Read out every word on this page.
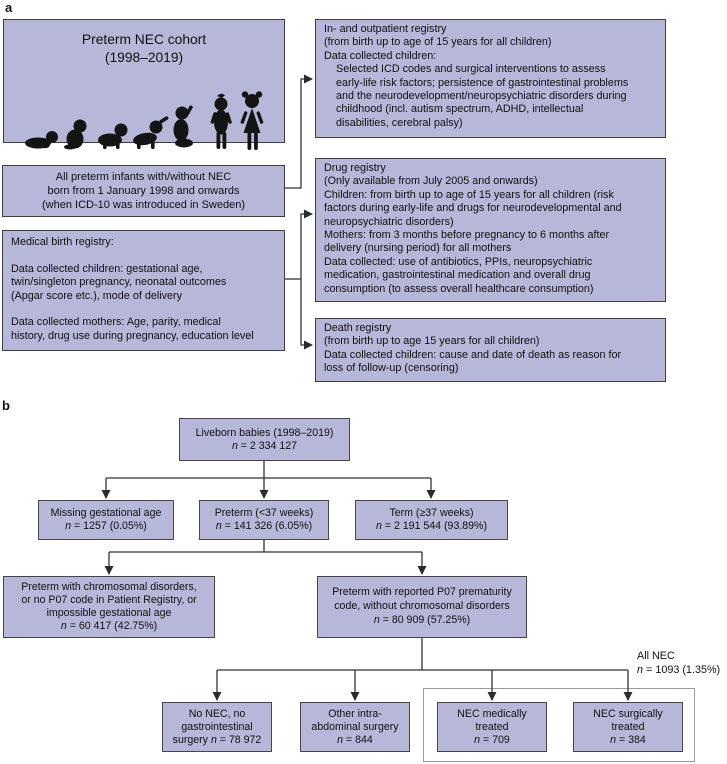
a
Preterm NEC cohort
(1998–2019)
All preterm infants with/without NEC
born from 1 January 1998 and onwards
(when ICD-10 was introduced in Sweden)
Medical birth registry:

Data collected children: gestational age,
twin/singleton pregnancy, neonatal outcomes
(Apgar score etc.), mode of delivery

Data collected mothers: Age, parity, medical
history, drug use during pregnancy, education level
In- and outpatient registry
(from birth up to age of 15 years for all children)
Data collected children:
Selected ICD codes and surgical interventions to assess
early-life risk factors; persistence of gastrointestinal problems
and the neurodevelopment/neuropsychiatric disorders during
childhood (incl. autism spectrum, ADHD, intellectual
disabilities, cerebral palsy)
Drug registry
(Only available from July 2005 and onwards)
Children: from birth up to age of 15 years for all children (risk
factors during early-life and drugs for neurodevelopmental and
neuropsychiatric disorders)
Mothers: from 3 months before pregnancy to 6 months after
delivery (nursing period) for all mothers
Data collected: use of antibiotics, PPIs, neuropsychiatric
medication, gastrointestinal medication and overall drug
consumption (to assess overall healthcare consumption)
Death registry
(from birth up to age 15 years for all children)
Data collected children: cause and date of death as reason for
loss of follow-up (censoring)
b
All NEC
n = 1093 (1.35%)
Liveborn babies (1998–2019)
n = 2 334 127
Missing gestational age
n = 1257 (0.05%)
Preterm (<37 weeks)
n = 141 326 (6.05%)
Term (≥37 weeks)
n = 2 191 544 (93.89%)
Preterm with chromosomal disorders,
or no P07 code in Patient Registry, or
impossible gestational age
n = 60 417 (42.75%)
Preterm with reported P07 prematurity
code, without chromosomal disorders
n = 80 909 (57.25%)
No NEC, no
gastrointestinal
surgery n = 78 972
Other intra-
abdominal surgery
n = 844
NEC medically
treated
n = 709
NEC surgically
treated
n = 384
